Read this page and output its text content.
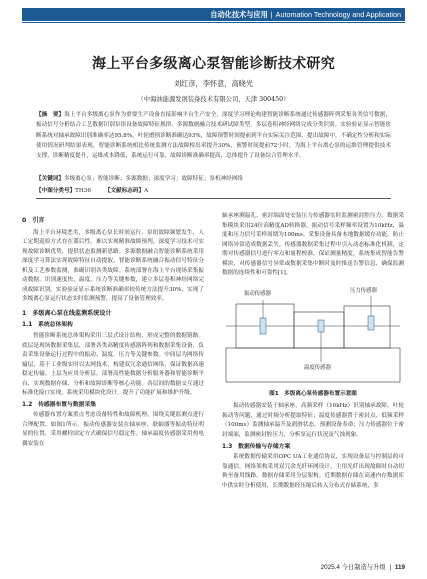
自动化技术与应用 | Automation Technology and Application
海上平台多级离心泵智能诊断技术研究
刘红彦，李怀意，高晓光
（中海油能源发展装备技术有限公司，天津 300450）
【摘　要】海上平台多级离心泵作为重要生产设备直接影响平台生产安全。深度学习理论构建智能诊断系统通过传感器阵列采集各类信号数据，振动信号分析结合工艺数据识别泵组设备故障特征规律。多源数据融合技术研试障类型，多层卷积神经网络完成分类识别。实验验证显示智能诊断系统对轴承故障识别准确率达95.8%，叶轮磨损诊断准确达93%，故障预警时间提前到平台实际关注范围，提出故障中，不确定性分析和实际使用情况研判结果表现，智能诊断系统相比传统监测方法故障检出率提升30%，预警时间提前72小时，为海上平台离心泵的运维管理提供技术支撑，诊断精度提升，运维成本降低，系统运行可靠，故障诊断准确率提高，总体提升了设备综合管理水平。
【关键词】多级离心泵；智能诊断；多源数据；深度学习；故障特征；泵机神经网络
【中图分类号】TH36	【文献标志码】A
0　引言

海上平台环境恶劣，多级离心泵长时间运行，泵组故障频繁发生，人工定期巡检方式存在滞后性，难以实现精准故障预判，深度学习技术可实现故障诊断优势，提供状态监测新思路。多源数据融合智能诊断系统采用深度学习算法实现故障特征自动提取。智能诊断系统融合振动信号特征分析及工艺参数监测，准确识别各类故障。系统部署在海上平台现场采集振动数据，识别速度快、温度、压力等关键参数，建立多层卷积神经网络完成故障识别。实验验证显示系统诊断准确率较传统方法提升30%，实现了多级离心泵运行状态实时监测预警，提高了设备管理效率。

1　多级离心泵在线监测系统设计
1.1　系统总体架构

智能诊断系统总体架构采用三层式设计结构，形成完整的数据链路。底层是现场数据采集层，部署各类高精度传感器阵列和数据采集设备，负责采集设备运行过程中的振动、温度、压力等关键参数。中间层为网络传输层，基于工业级实时以太网技术，构建双冗余通信网络，保证数据高速稳定传输。上层为应用分析层，部署高性能数据分析服务器和智能诊断平台，实现数据存储、分析和故障诊断等核心功能。各层间的数据交互通过标准化接口实现，系统采用模块化设计，提升了功能扩展和维护升级。

1.2　传感器布置与数据采集

传感器布置方案重点考虑设备特性和故障机理，围绕关键监测点进行合理配置，如图1所示。振动传感器安装在轴承座、联轴器等振动特征明显的位置，采用螺栓固定方式确保信号稳定性。轴承温度传感器采用热电偶安装在

轴承座测温孔，密封端面处安装压力传感器实时监测密封腔压力。数据采集模块采用24位高精度AD转换器，振动信号采样频率设置为10kHz，温度和压力信号采样周期为100ms。采集设备具备本地数据缓存功能，防止网络异常造成数据丢失。传感器数据采集过程中引入动态标准化机制，定期对传感器信号进行零点和量程校准，保证测量精度。系统集成智能告警模块，对传感器信号异常或数据采集中断时及时推送告警信息，确保监测数据的连续性和可靠性[1]。

振动传感器	压力传感器
温度传感器
图1　多级离心泵传感器布置示意图

振动传感器安装于轴承座，高频采样（10kHz）识别轴承故障，叶轮振动等问题，通过时频分析提取特征；温度传感器置于密封点，低频采样（100ms）监测轴承温升及润滑状态，预测设备寿命；压力传感器位于密封端面，监测密封腔压力，分析泵运行状况及气蚀现象。

1.3　数据传输与存储方案

系统数据传输采用OPC UA工业通信协议，实现设备层与控制层的可靠通信，网络架构采用双冗余光纤环网设计，主用光纤出现故障时自动切换至备用线路，数据存储采用分层架构。近期数据存储在高速内存数据库中供实时分析使用，长期数据经压缩后转入分布式存储系统，多

2025.4 今日制造与升级 | 119
